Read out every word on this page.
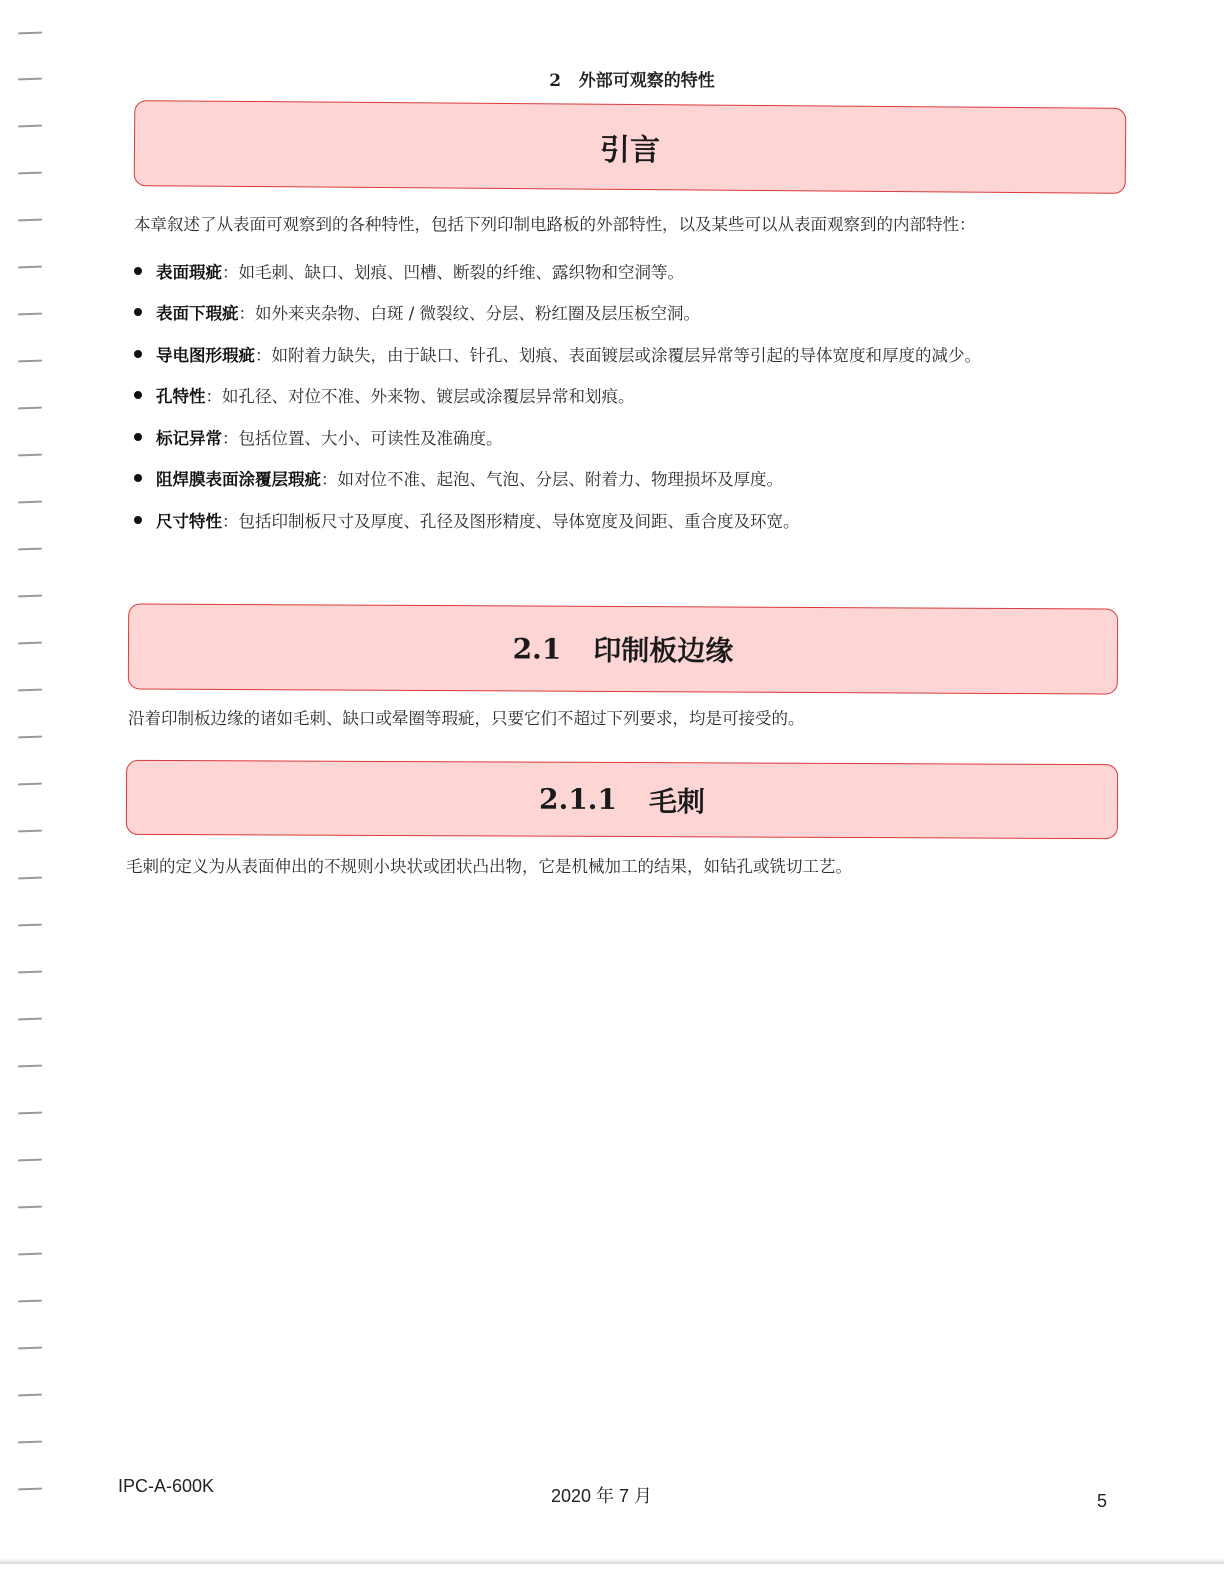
2 外部可观察的特性
引言
本章叙述了从表面可观察到的各种特性，包括下列印制电路板的外部特性，以及某些可以从表面观察到的内部特性：
表面瑕疵 ： 如毛刺、缺口、划痕、凹槽、断裂的纤维、露织物和空洞等。
表面下瑕疵 ： 如外来夹杂物、白斑 / 微裂纹、分层、粉红圈及层压板空洞。
导电图形瑕疵 ： 如附着力缺失，由于缺口、针孔、划痕、表面镀层或涂覆层异常等引起的导体宽度和厚度的减少。
孔特性 ： 如孔径、对位不准、外来物、镀层或涂覆层异常和划痕。
标记异常 ： 包括位置、大小、可读性及准确度。
阻焊膜表面涂覆层瑕疵 ： 如对位不准、起泡、气泡、分层、附着力、物理损坏及厚度。
尺寸特性 ： 包括印制板尺寸及厚度、孔径及图形精度、导体宽度及间距、重合度及环宽。
2.1 印制板边缘
沿着印制板边缘的诸如毛刺、缺口或晕圈等瑕疵，只要它们不超过下列要求，均是可接受的。
2.1.1 毛刺
毛刺的定义为从表面伸出的不规则小块状或团状凸出物，它是机械加工的结果，如钻孔或铣切工艺。
IPC-A-600K	2020 年 7 月	5
